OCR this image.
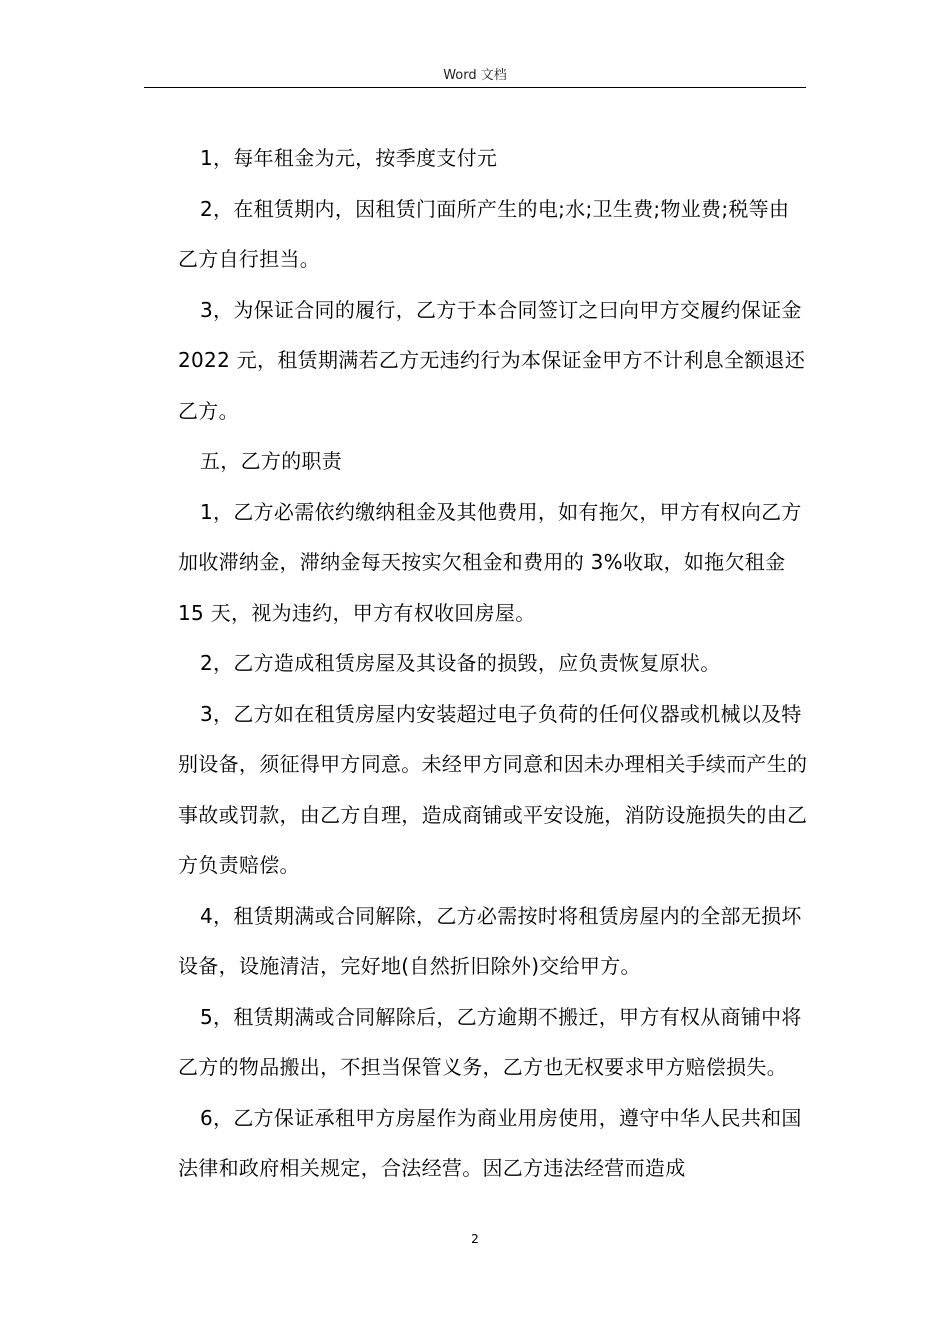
Word 文档

1，每年租金为元，按季度支付元

2，在租赁期内，因租赁门面所产生的电;水;卫生费;物业费;税等由乙方自行担当。

3，为保证合同的履行，乙方于本合同签订之曰向甲方交履约保证金 2022 元，租赁期满若乙方无违约行为本保证金甲方不计利息全额退还乙方。

五，乙方的职责

1，乙方必需依约缴纳租金及其他费用，如有拖欠，甲方有权向乙方加收滞纳金，滞纳金每天按实欠租金和费用的 3%收取，如拖欠租金 15 天，视为违约，甲方有权收回房屋。

2，乙方造成租赁房屋及其设备的损毁，应负责恢复原状。

3，乙方如在租赁房屋内安装超过电子负荷的任何仪器或机械以及特别设备，须征得甲方同意。未经甲方同意和因未办理相关手续而产生的事故或罚款，由乙方自理，造成商铺或平安设施，消防设施损失的由乙方负责赔偿。

4，租赁期满或合同解除，乙方必需按时将租赁房屋内的全部无损坏设备，设施清洁，完好地(自然折旧除外)交给甲方。

5，租赁期满或合同解除后，乙方逾期不搬迁，甲方有权从商铺中将乙方的物品搬出，不担当保管义务，乙方也无权要求甲方赔偿损失。

6，乙方保证承租甲方房屋作为商业用房使用，遵守中华人民共和国法律和政府相关规定，合法经营。因乙方违法经营而造成

2
